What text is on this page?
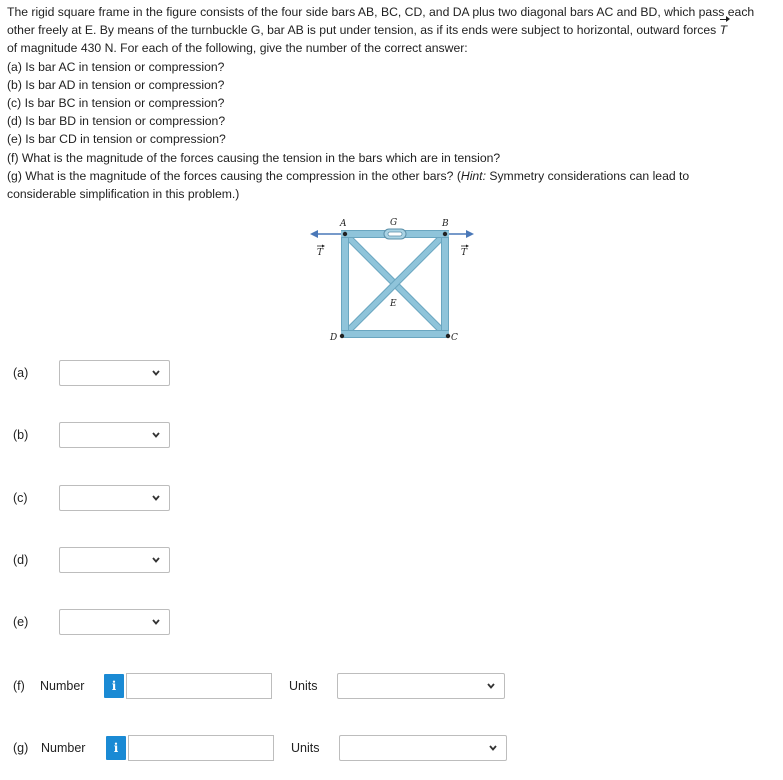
The rigid square frame in the figure consists of the four side bars AB, BC, CD, and DA plus two diagonal bars AC and BD, which pass each

other freely at E. By means of the turnbuckle G, bar AB is put under tension, as if its ends were subject to horizontal, outward forces T

of magnitude 430 N. For each of the following, give the number of the correct answer:

(a) Is bar AC in tension or compression?

(b) Is bar AD in tension or compression?

(c) Is bar BC in tension or compression?

(d) Is bar BD in tension or compression?

(e) Is bar CD in tension or compression?

(f) What is the magnitude of the forces causing the tension in the bars which are in tension?

(g) What is the magnitude of the forces causing the compression in the other bars? (Hint: Symmetry considerations can lead to

considerable simplification in this problem.)

A	G	B
T	T
E
D	C
(a)
(b)
(c)
(d)
(e)
(f) Number	i	Units
(g) Number	i	Units
